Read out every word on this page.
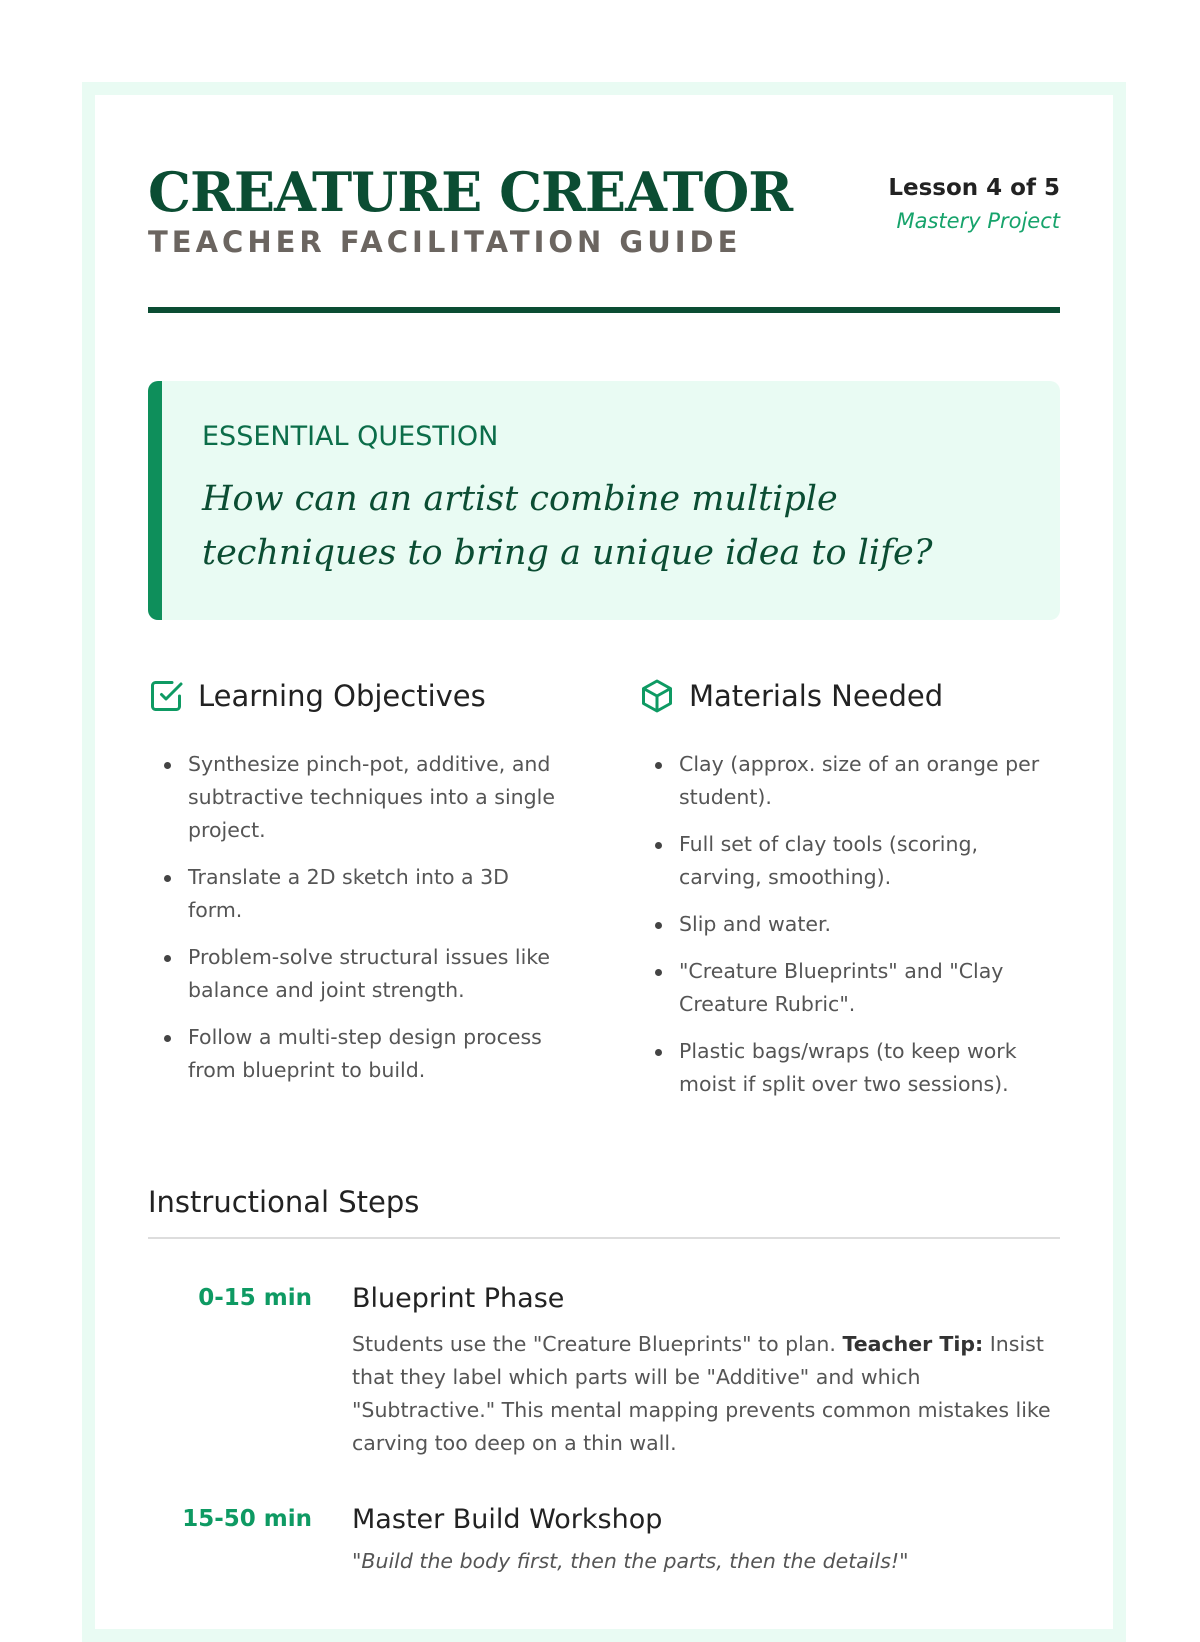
CREATURE CREATOR
TEACHER FACILITATION GUIDE
Lesson 4 of 5
Mastery Project
ESSENTIAL QUESTION
How can an artist combine multiple techniques to bring a unique idea to life?
Learning Objectives
Synthesize pinch-pot, additive, and subtractive techniques into a single project.
Translate a 2D sketch into a 3D form.
Problem-solve structural issues like balance and joint strength.
Follow a multi-step design process from blueprint to build.
Materials Needed
Clay (approx. size of an orange per student).
Full set of clay tools (scoring, carving, smoothing).
Slip and water.
"Creature Blueprints" and "Clay Creature Rubric".
Plastic bags/wraps (to keep work moist if split over two sessions).
Instructional Steps
0-15 min Blueprint Phase
Students use the "Creature Blueprints" to plan. Teacher Tip: Insist that they label which parts will be "Additive" and which "Subtractive." This mental mapping prevents common mistakes like carving too deep on a thin wall.
15-50 min Master Build Workshop
"Build the body first, then the parts, then the details!"
